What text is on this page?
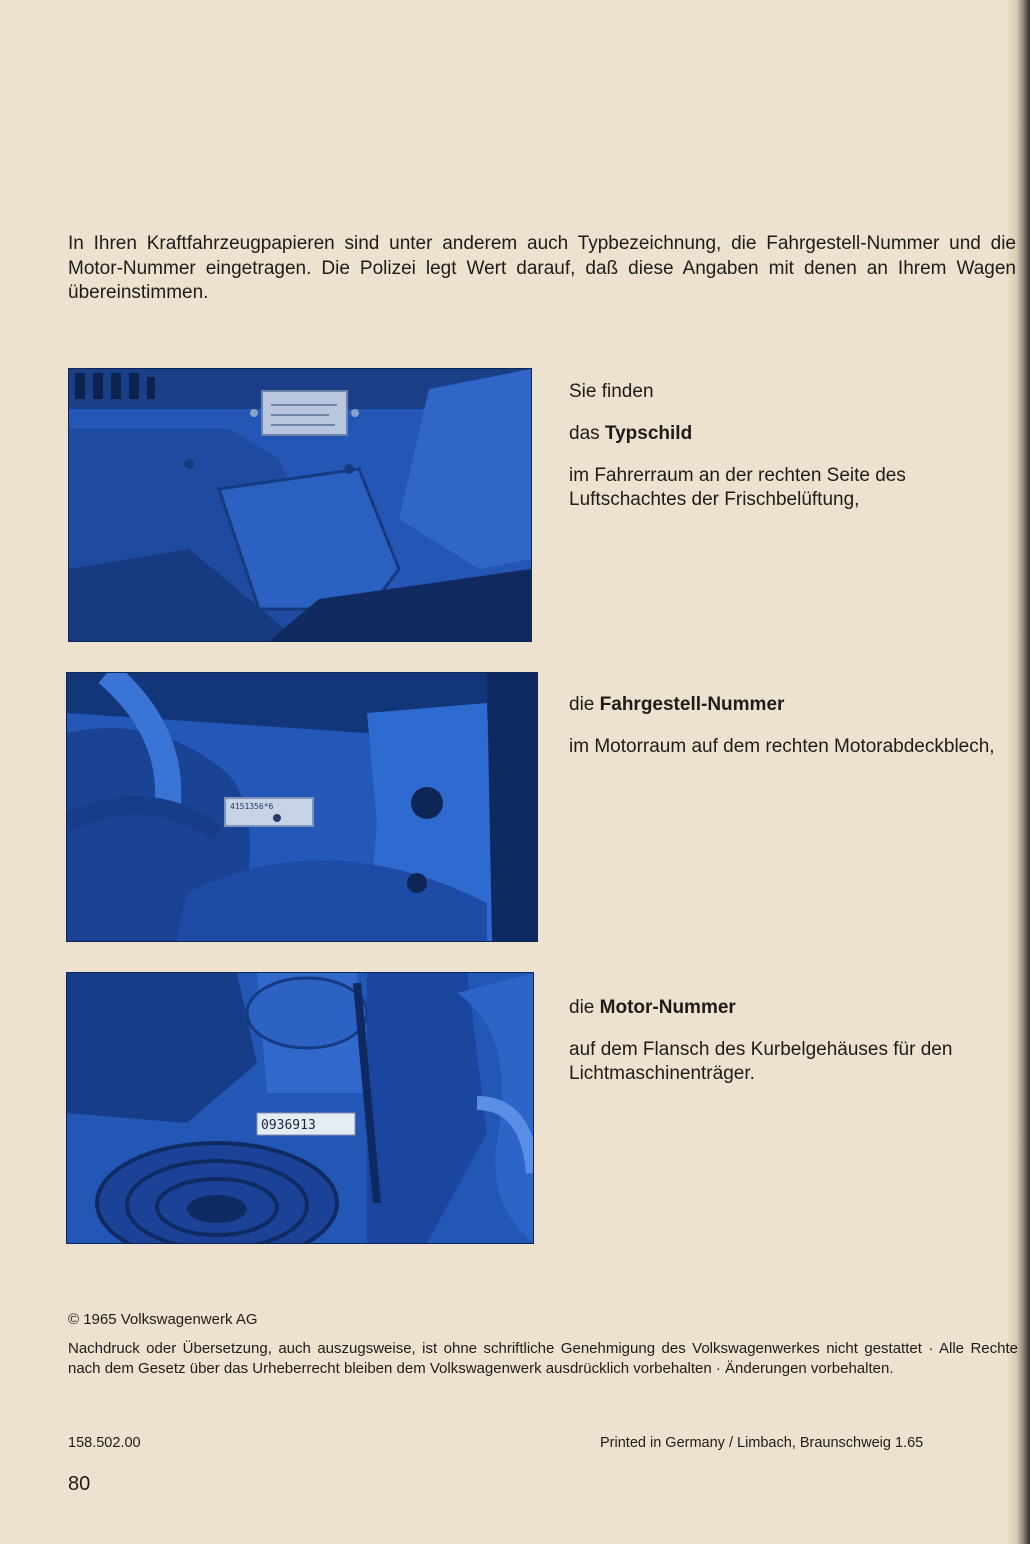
In Ihren Kraftfahrzeugpapieren sind unter anderem auch Typbezeichnung, die Fahrgestell-Nummer und die Motor-Nummer eingetragen. Die Polizei legt Wert darauf, daß diese Angaben mit denen an Ihrem Wagen übereinstimmen.

Sie finden

das Typschild

im Fahrerraum an der rechten Seite des Luftschachtes der Frischbelüftung,

4151356*6

die Fahrgestell-Nummer

im Motorraum auf dem rechten Motorabdeckblech,

0936913

die Motor-Nummer

auf dem Flansch des Kurbelgehäuses für den Lichtmaschinenträger.

© 1965 Volkswagenwerk AG

Nachdruck oder Übersetzung, auch auszugsweise, ist ohne schriftliche Genehmigung des Volkswagenwerkes nicht gestattet · Alle Rechte nach dem Gesetz über das Urheberrecht bleiben dem Volkswagenwerk ausdrücklich vorbehalten · Änderungen vorbehalten.

158.502.00	Printed in Germany / Limbach, Braunschweig 1.65

80
